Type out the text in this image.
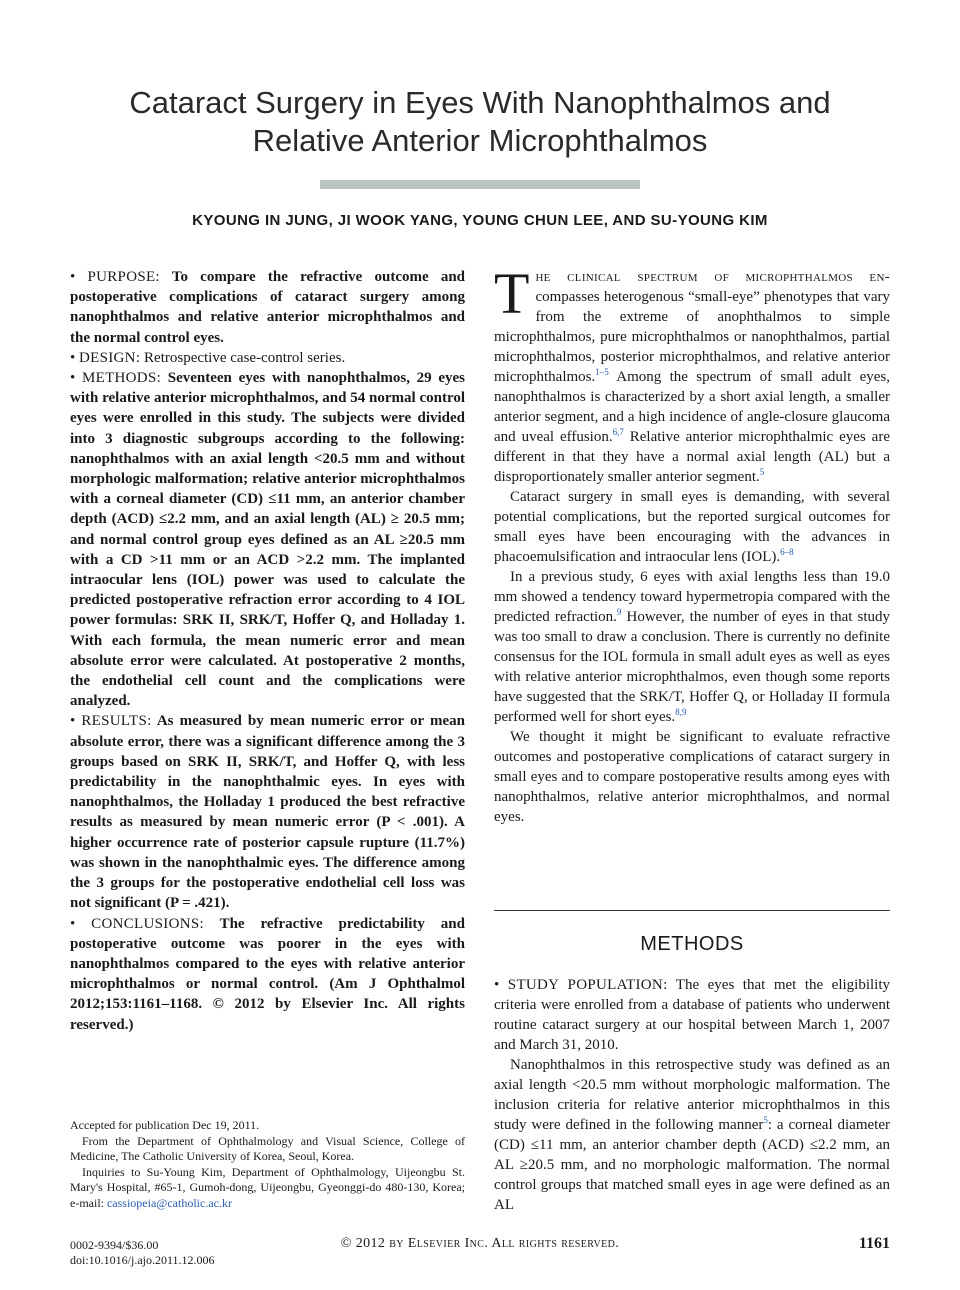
Cataract Surgery in Eyes With Nanophthalmos and
Relative Anterior Microphthalmos
KYOUNG IN JUNG, JI WOOK YANG, YOUNG CHUN LEE, AND SU-YOUNG KIM

• PURPOSE: To compare the refractive outcome and postoperative complications of cataract surgery among nanophthalmos and relative anterior microphthalmos and the normal control eyes.

• DESIGN: Retrospective case-control series.

• METHODS: Seventeen eyes with nanophthalmos, 29 eyes with relative anterior microphthalmos, and 54 normal control eyes were enrolled in this study. The subjects were divided into 3 diagnostic subgroups according to the following: nanophthalmos with an axial length <20.5 mm and without morphologic malformation; relative anterior microphthalmos with a corneal diameter (CD) ≤11 mm, an anterior chamber depth (ACD) ≤2.2 mm, and an axial length (AL) ≥ 20.5 mm; and normal control group eyes defined as an AL ≥20.5 mm with a CD >11 mm or an ACD >2.2 mm. The implanted intraocular lens (IOL) power was used to calculate the predicted postoperative refraction error according to 4 IOL power formulas: SRK II, SRK/T, Hoffer Q, and Holladay 1. With each formula, the mean numeric error and mean absolute error were calculated. At postoperative 2 months, the endothelial cell count and the complications were analyzed.

• RESULTS: As measured by mean numeric error or mean absolute error, there was a significant difference among the 3 groups based on SRK II, SRK/T, and Hoffer Q, with less predictability in the nanophthalmic eyes. In eyes with nanophthalmos, the Holladay 1 produced the best refractive results as measured by mean numeric error (P < .001). A higher occurrence rate of posterior capsule rupture (11.7%) was shown in the nanophthalmic eyes. The difference among the 3 groups for the postoperative endothelial cell loss was not significant (P = .421).

• CONCLUSIONS: The refractive predictability and postoperative outcome was poorer in the eyes with nanophthalmos compared to the eyes with relative anterior microphthalmos or normal control. (Am J Ophthalmol 2012;153:1161–1168. © 2012 by Elsevier Inc. All rights reserved.)

Accepted for publication Dec 19, 2011.

From the Department of Ophthalmology and Visual Science, College of Medicine, The Catholic University of Korea, Seoul, Korea.

Inquiries to Su-Young Kim, Department of Ophthalmology, Uijeongbu St. Mary's Hospital, #65-1, Gumoh-dong, Uijeongbu, Gyeonggi-do 480-130, Korea; e-mail: cassiopeia@catholic.ac.kr

The clinical spectrum of microphthalmos en- compasses heterogenous “small-eye” phenotypes that vary from the extreme of anophthalmos to simple microphthalmos, pure microphthalmos or nanophthalmos, partial microphthalmos, posterior microphthalmos, and relative anterior microphthalmos.$^{1-5}$ Among the spectrum of small adult eyes, nanophthalmos is characterized by a short axial length, a smaller anterior segment, and a high incidence of angle-closure glaucoma and uveal effusion.$^{6,7}$ Relative anterior microphthalmic eyes are different in that they have a normal axial length (AL) but a disproportionately smaller anterior segment.$^5$

Cataract surgery in small eyes is demanding, with several potential complications, but the reported surgical outcomes for small eyes have been encouraging with the advances in phacoemulsification and intraocular lens (IOL).$^{6-8}$

In a previous study, 6 eyes with axial lengths less than 19.0 mm showed a tendency toward hypermetropia compared with the predicted refraction.$^9$ However, the number of eyes in that study was too small to draw a conclusion. There is currently no definite consensus for the IOL formula in small adult eyes as well as eyes with relative anterior microphthalmos, even though some reports have suggested that the SRK/T, Hoffer Q, or Holladay II formula performed well for short eyes.$^{8,9}$

We thought it might be significant to evaluate refractive outcomes and postoperative complications of cataract surgery in small eyes and to compare postoperative results among eyes with nanophthalmos, relative anterior microphthalmos, and normal eyes.

METHODS

• STUDY POPULATION: The eyes that met the eligibility criteria were enrolled from a database of patients who underwent routine cataract surgery at our hospital between March 1, 2007 and March 31, 2010.

Nanophthalmos in this retrospective study was defined as an axial length <20.5 mm without morphologic malformation. The inclusion criteria for relative anterior microphthalmos in this study were defined in the following manner$^5$: a corneal diameter (CD) ≤11 mm, an anterior chamber depth (ACD) ≤2.2 mm, an AL ≥20.5 mm, and no morphologic malformation. The normal control groups that matched small eyes in age were defined as an AL

0002-9394/$36.00
doi:10.1016/j.ajo.2011.12.006
© 2012 by Elsevier Inc. All rights reserved.	1161
